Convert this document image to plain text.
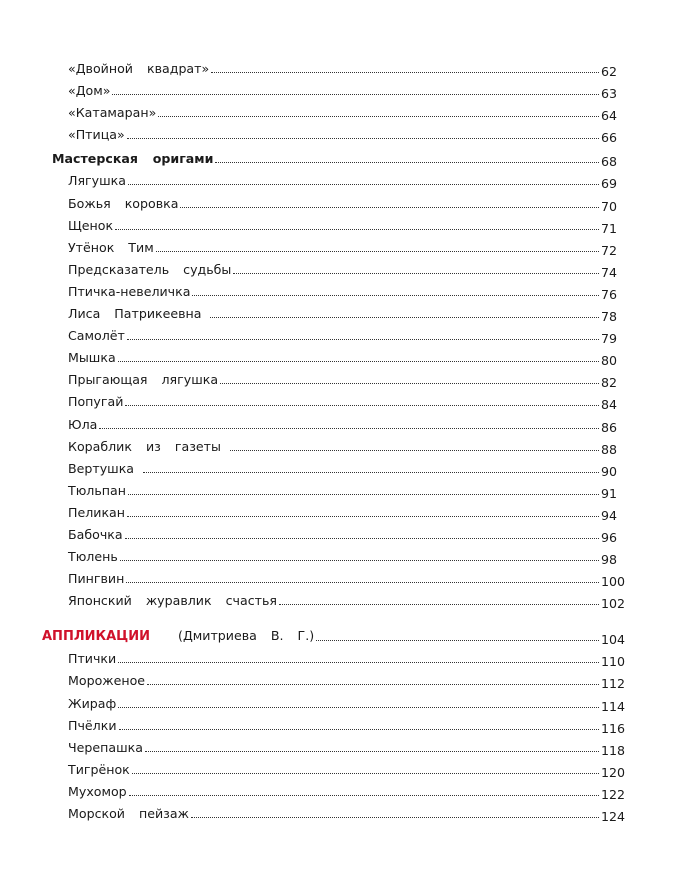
«Двойной  квадрат»	62
«Дом»	63
«Катамаран»	64
«Птица»	66
Мастерская  оригами	68
Лягушка	69
Божья  коровка	70
Щенок	71
Утёнок  Тим	72
Предсказатель  судьбы	74
Птичка-невеличка	76
Лиса  Патрикеевна	78
Самолёт	79
Мышка	80
Прыгающая  лягушка	82
Попугай	84
Юла	86
Кораблик  из  газеты	88
Вертушка	90
Тюльпан	91
Пеликан	94
Бабочка	96
Тюлень	98
Пингвин	100
Японский  журавлик  счастья	102
АППЛИКАЦИИ (Дмитриева  В.  Г.)	104
Птички	110
Мороженое	112
Жираф	114
Пчёлки	116
Черепашка	118
Тигрёнок	120
Мухомор	122
Морской  пейзаж	124
